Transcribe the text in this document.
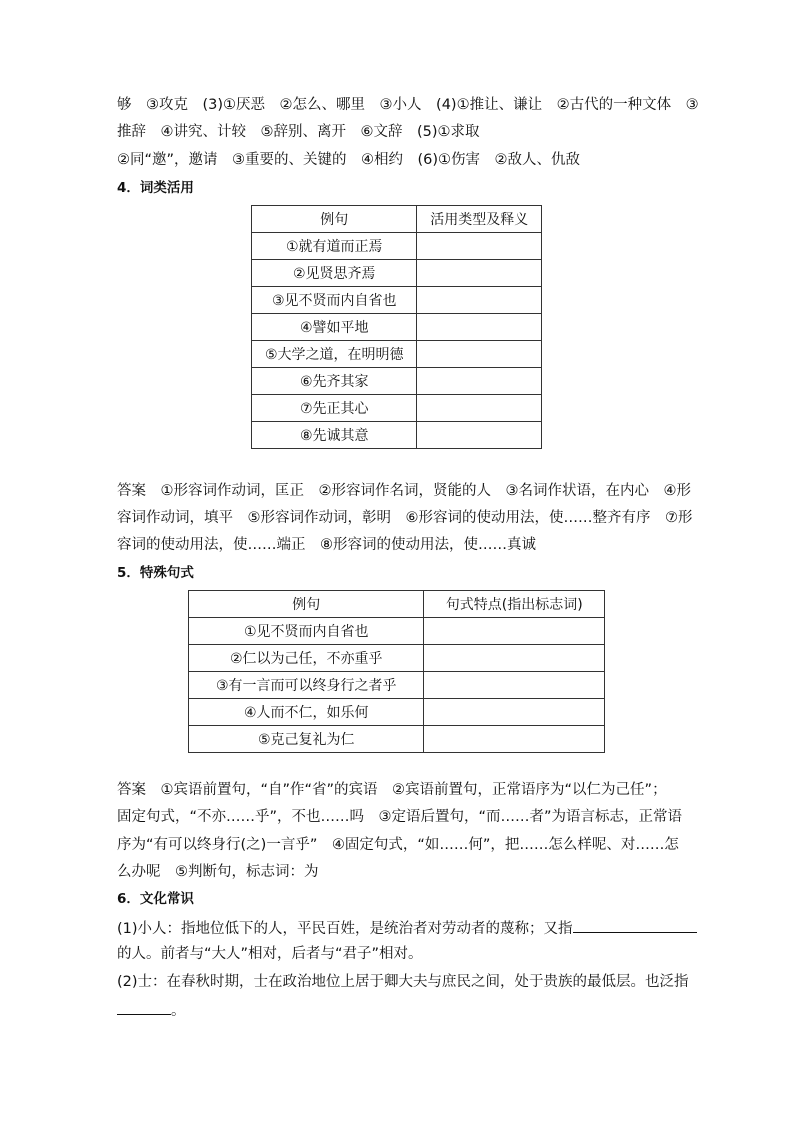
够　③攻克　(3)①厌恶　②怎么、哪里　③小人　(4)①推让、谦让　②古代的一种文体　③
推辞　④讲究、计较　⑤辞别、离开　⑥文辞　(5)①求取
②同“邀”，邀请　③重要的、关键的　④相约　(6)①伤害　②敌人、仇敌
4．词类活用
例句	活用类型及释义
①就有道而正焉	
②见贤思齐焉	
③见不贤而内自省也	
④譬如平地	
⑤大学之道，在明明德	
⑥先齐其家	
⑦先正其心	
⑧先诚其意	
答案　 ①形容词作动词，匡正　②形容词作名词，贤能的人　③名词作状语，在内心　④形
容词作动词，填平　⑤形容词作动词，彰明　⑥形容词的使动用法，使……整齐有序　⑦形
容词的使动用法，使……端正　⑧形容词的使动用法，使……真诚
5．特殊句式
例句	句式特点(指出标志词)
①见不贤而内自省也	
②仁以为己任，不亦重乎	
③有一言而可以终身行之者乎	
④人而不仁，如乐何	
⑤克己复礼为仁	
答案　 ①宾语前置句，“自”作“省”的宾语　②宾语前置句，正常语序为“以仁为己任”；
固定句式，“不亦……乎”，不也……吗　③定语后置句，“而……者”为语言标志，正常语
序为“有可以终身行(之)一言乎”　④固定句式，“如……何”，把……怎么样呢、对……怎
么办呢　⑤判断句，标志词：为
6．文化常识
(1)小人：指地位低下的人，平民百姓，是统治者对劳动者的蔑称；又指
的人。前者与“大人”相对，后者与“君子”相对。
(2)士：在春秋时期，士在政治地位上居于卿大夫与庶民之间，处于贵族的最低层。也泛指
。
